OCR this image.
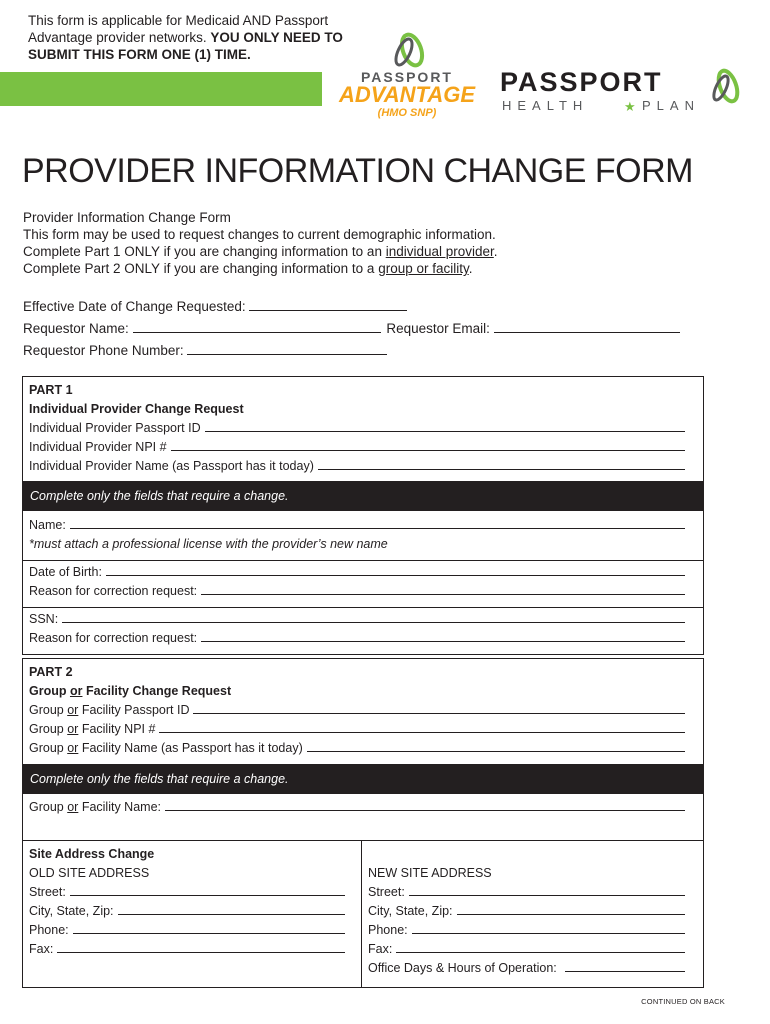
This form is applicable for Medicaid AND Passport Advantage provider networks. YOU ONLY NEED TO SUBMIT THIS FORM ONE (1) TIME.
PASSPORT
ADVANTAGE
(HMO SNP)
PASSPORT
HEALTH	★ PLAN
PROVIDER INFORMATION CHANGE FORM
Provider Information Change Form
This form may be used to request changes to current demographic information.
Complete Part 1 ONLY if you are changing information to an individual provider.
Complete Part 2 ONLY if you are changing information to a group or facility.
Effective Date of Change Requested:
Requestor Name:	Requestor Email:
Requestor Phone Number:
PART 1
Individual Provider Change Request
Individual Provider Passport ID
Individual Provider NPI #
Individual Provider Name (as Passport has it today)
Complete only the fields that require a change.
Name:
*must attach a professional license with the provider’s new name
Date of Birth:
Reason for correction request:
SSN:
Reason for correction request:
PART 2
Group or Facility Change Request
Group or Facility Passport ID
Group or Facility NPI #
Group or Facility Name (as Passport has it today)
Complete only the fields that require a change.
Group or Facility Name:
Site Address Change
OLD SITE ADDRESS
Street:
City, State, Zip:
Phone:
Fax:
NEW SITE ADDRESS
Street:
City, State, Zip:
Phone:
Fax:
Office Days & Hours of Operation:
CONTINUED ON BACK
